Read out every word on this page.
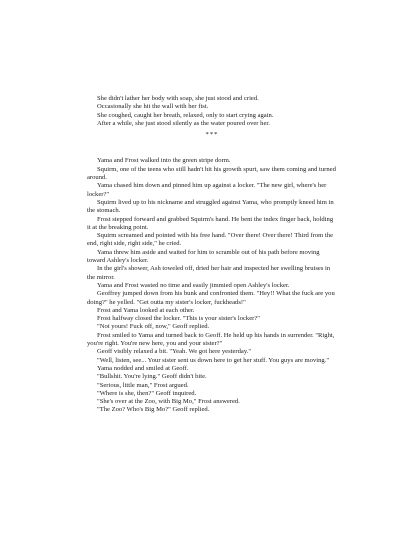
She didn't lather her body with soap, she just stood and cried.

Occasionally she hit the wall with her fist.

She coughed, caught her breath, relaxed, only to start crying again.

After a while, she just stood silently as the water poured over her.

***

Yama and Frost walked into the green stripe dorm.

Squirm, one of the teens who still hadn't hit his growth spurt, saw them coming and turned around.

Yama chased him down and pinned him up against a locker. "The new girl, where's her locker?"

Squirm lived up to his nickname and struggled against Yama, who promptly kneed him in the stomach.

Frost stepped forward and grabbed Squirm's hand. He bent the index finger back, holding it at the breaking point.

Squirm screamed and pointed with his free hand. "Over there! Over there! Third from the end, right side, right side," he cried.

Yama threw him aside and waited for him to scramble out of his path before moving toward Ashley's locker.

In the girl's shower, Ash toweled off, dried her hair and inspected her swelling bruises in the mirror.

Yama and Frost wasted no time and easily jimmied open Ashley's locker.

Geoffrey jumped down from his bunk and confronted them. "Hey!! What the fuck are you doing?" he yelled. "Get outta my sister's locker, fuckheads!"

Frost and Yama looked at each other.

Frost halfway closed the locker. "This is your sister's locker?"

"Not yours! Fuck off, now," Geoff replied.

Frost smiled to Yama and turned back to Geoff. He held up his hands in surrender. "Right, you're right. You're new here, you and your sister?"

Geoff visibly relaxed a bit. "Yeah. We got here yesterday."

"Well, listen, see... Your sister sent us down here to get her stuff. You guys are moving."

Yama nodded and smiled at Geoff.

"Bullshit. You're lying." Geoff didn't bite.

"Serious, little man," Frost argued.

"Where is she, then?" Geoff inquired.

"She's over at the Zoo, with Big Mo," Frost answered.

"The Zoo? Who's Big Mo?" Geoff replied.
